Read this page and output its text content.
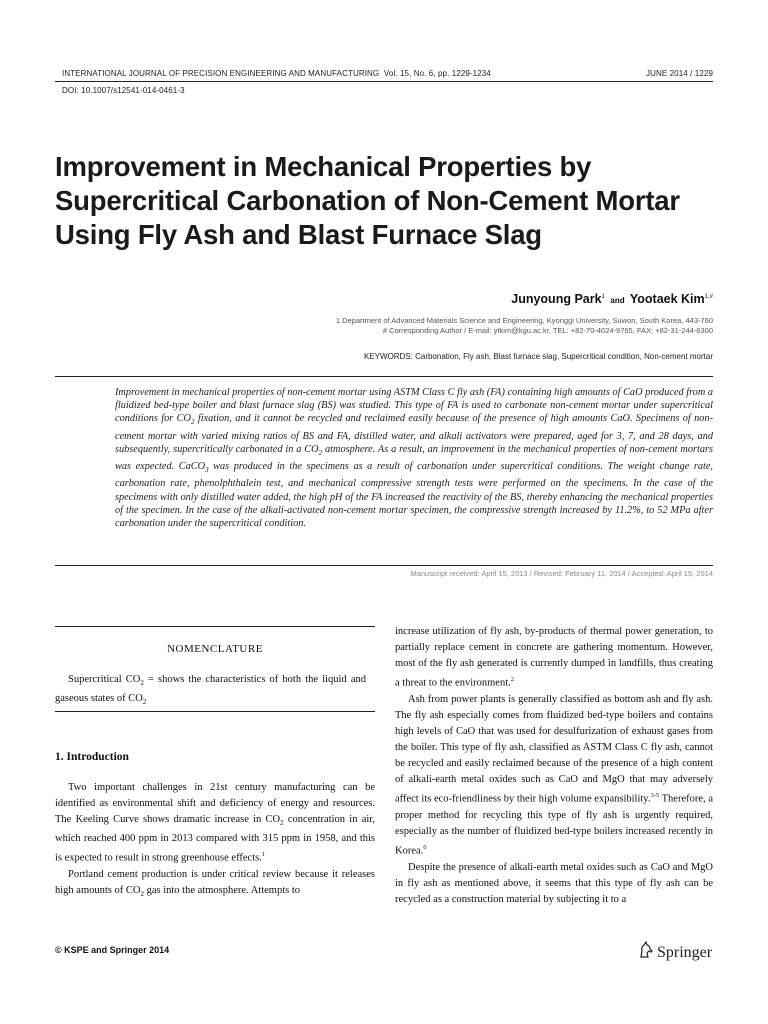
INTERNATIONAL JOURNAL OF PRECISION ENGINEERING AND MANUFACTURING Vol. 15, No. 6, pp. 1229-1234	JUNE 2014 / 1229
DOI: 10.1007/s12541-014-0461-3
Improvement in Mechanical Properties by Supercritical Carbonation of Non-Cement Mortar Using Fly Ash and Blast Furnace Slag
Junyoung Park$^1$ and Yootaek Kim$^{1,\#}$
1 Department of Advanced Materials Science and Engineering, Kyonggi University, Suwon, South Korea, 443-760
# Corresponding Author / E-mail: ytkim@kgu.ac.kr, TEL: +82-70-4024-9765, FAX: +82-31-244-6300
KEYWORDS: Carbonation, Fly ash, Blast furnace slag, Supercritical condition, Non-cement mortar
Improvement in mechanical properties of non-cement mortar using ASTM Class C fly ash (FA) containing high amounts of CaO produced from a fluidized bed-type boiler and blast furnace slag (BS) was studied. This type of FA is used to carbonate non-cement mortar under supercritical conditions for $CO_2$ fixation, and it cannot be recycled and reclaimed easily because of the presence of high amounts CaO. Specimens of non-cement mortar with varied mixing ratios of BS and FA, distilled water, and alkali activators were prepared, aged for 3, 7, and 28 days, and subsequently, supercritically carbonated in a $CO_2$ atmosphere. As a result, an improvement in the mechanical properties of non-cement mortars was expected. CaCO$_3$ was produced in the specimens as a result of carbonation under supercritical conditions. The weight change rate, carbonation rate, phenolphthalein test, and mechanical compressive strength tests were performed on the specimens. In the case of the specimens with only distilled water added, the high pH of the FA increased the reactivity of the BS, thereby enhancing the mechanical properties of the specimen. In the case of the alkali-activated non-cement mortar specimen, the compressive strength increased by 11.2%, to 52 MPa after carbonation under the supercritical condition.
Manuscript received: April 15, 2013 / Revised: February 11, 2014 / Accepted: April 15, 2014
NOMENCLATURE

Supercritical $CO_2$ = shows the characteristics of both the liquid and gaseous states of $CO_2$

1. Introduction

Two important challenges in 21st century manufacturing can be identified as environmental shift and deficiency of energy and resources. The Keeling Curve shows dramatic increase in $CO_2$ concentration in air, which reached 400 ppm in 2013 compared with 315 ppm in 1958, and this is expected to result in strong greenhouse effects.$^1$

Portland cement production is under critical review because it releases high amounts of $CO_2$ gas into the atmosphere. Attempts to

increase utilization of fly ash, by-products of thermal power generation, to partially replace cement in concrete are gathering momentum. However, most of the fly ash generated is currently dumped in landfills, thus creating a threat to the environment.$^2$

Ash from power plants is generally classified as bottom ash and fly ash. The fly ash especially comes from fluidized bed-type boilers and contains high levels of CaO that was used for desulfurization of exhaust gases from the boiler. This type of fly ash, classified as ASTM Class C fly ash, cannot be recycled and easily reclaimed because of the presence of a high content of alkali-earth metal oxides such as CaO and MgO that may adversely affect its eco-friendliness by their high volume expansibility.$^{3-5}$ Therefore, a proper method for recycling this type of fly ash is urgently required, especially as the number of fluidized bed-type boilers increased recently in Korea.$^6$

Despite the presence of alkali-earth metal oxides such as CaO and MgO in fly ash as mentioned above, it seems that this type of fly ash can be recycled as a construction material by subjecting it to a

© KSPE and Springer 2014	Springer
